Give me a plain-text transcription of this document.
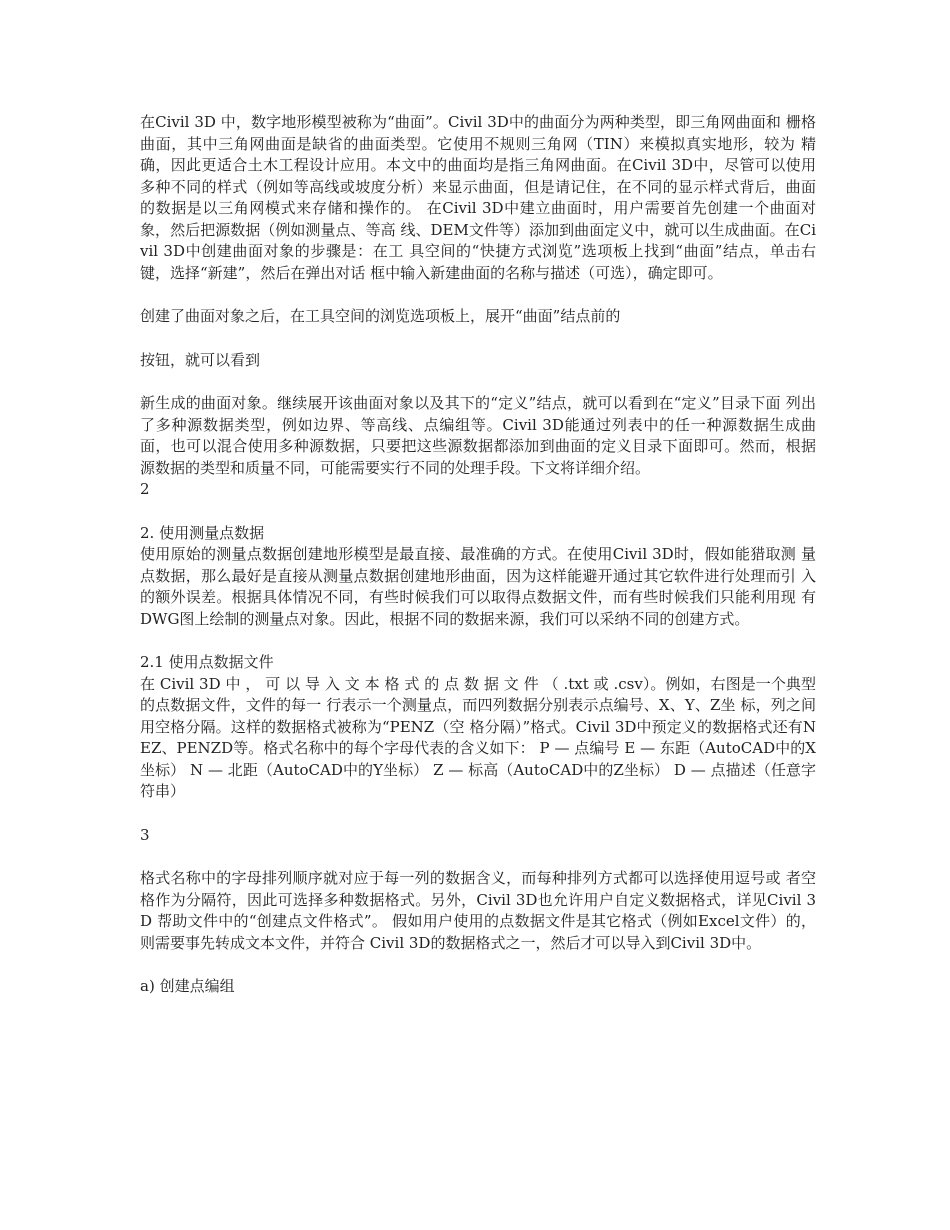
在Civil 3D 中，数字地形模型被称为“曲面”。Civil 3D中的曲面分为两种类型，即三角网曲面和 栅格曲面，其中三角网曲面是缺省的曲面类型。它使用不规则三角网（TIN）来模拟真实地形，较为 精确，因此更适合土木工程设计应用。本文中的曲面均是指三角网曲面。在Civil 3D中，尽管可以使用 多种不同的样式（例如等高线或坡度分析）来显示曲面，但是请记住，在不同的显示样式背后，曲面 的数据是以三角网模式来存储和操作的。 在Civil 3D中建立曲面时，用户需要首先创建一个曲面对象，然后把源数据（例如测量点、等高 线、DEM文件等）添加到曲面定义中，就可以生成曲面。在Civil 3D中创建曲面对象的步骤是：在工 具空间的“快捷方式浏览”选项板上找到“曲面”结点，单击右键，选择“新建”，然后在弹出对话 框中输入新建曲面的名称与描述（可选），确定即可。

创建了曲面对象之后，在工具空间的浏览选项板上，展开“曲面”结点前的

按钮，就可以看到

新生成的曲面对象。继续展开该曲面对象以及其下的“定义”结点，就可以看到在“定义”目录下面 列出了多种源数据类型，例如边界、等高线、点编组等。Civil 3D能通过列表中的任一种源数据生成曲 面，也可以混合使用多种源数据，只要把这些源数据都添加到曲面的定义目录下面即可。然而，根据 源数据的类型和质量不同，可能需要实行不同的处理手段。下文将详细介绍。

2

2. 使用测量点数据

使用原始的测量点数据创建地形模型是最直接、最准确的方式。在使用Civil 3D时，假如能猎取测 量点数据，那么最好是直接从测量点数据创建地形曲面，因为这样能避开通过其它软件进行处理而引 入的额外误差。根据具体情况不同，有些时候我们可以取得点数据文件，而有些时候我们只能利用现 有DWG图上绘制的测量点对象。因此，根据不同的数据来源，我们可以采纳不同的创建方式。

2.1 使用点数据文件

在 Civil 3D 中 ， 可 以 导 入 文 本 格 式 的 点 数 据 文 件 （ .txt 或 .csv）。例如，右图是一个典型的点数据文件，文件的每一 行表示一个测量点，而四列数据分别表示点编号、X、Y、Z坐 标，列之间用空格分隔。这样的数据格式被称为“PENZ（空 格分隔）”格式。Civil 3D中预定义的数据格式还有NEZ、PENZD等。格式名称中的每个字母代表的含义如下： P — 点编号 E — 东距（AutoCAD中的X坐标） N — 北距（AutoCAD中的Y坐标） Z — 标高（AutoCAD中的Z坐标） D — 点描述（任意字符串）

3

格式名称中的字母排列顺序就对应于每一列的数据含义，而每种排列方式都可以选择使用逗号或 者空格作为分隔符，因此可选择多种数据格式。另外，Civil 3D也允许用户自定义数据格式，详见Civil 3D 帮助文件中的“创建点文件格式”。 假如用户使用的点数据文件是其它格式（例如Excel文件）的，则需要事先转成文本文件，并符合 Civil 3D的数据格式之一，然后才可以导入到Civil 3D中。

a) 创建点编组
